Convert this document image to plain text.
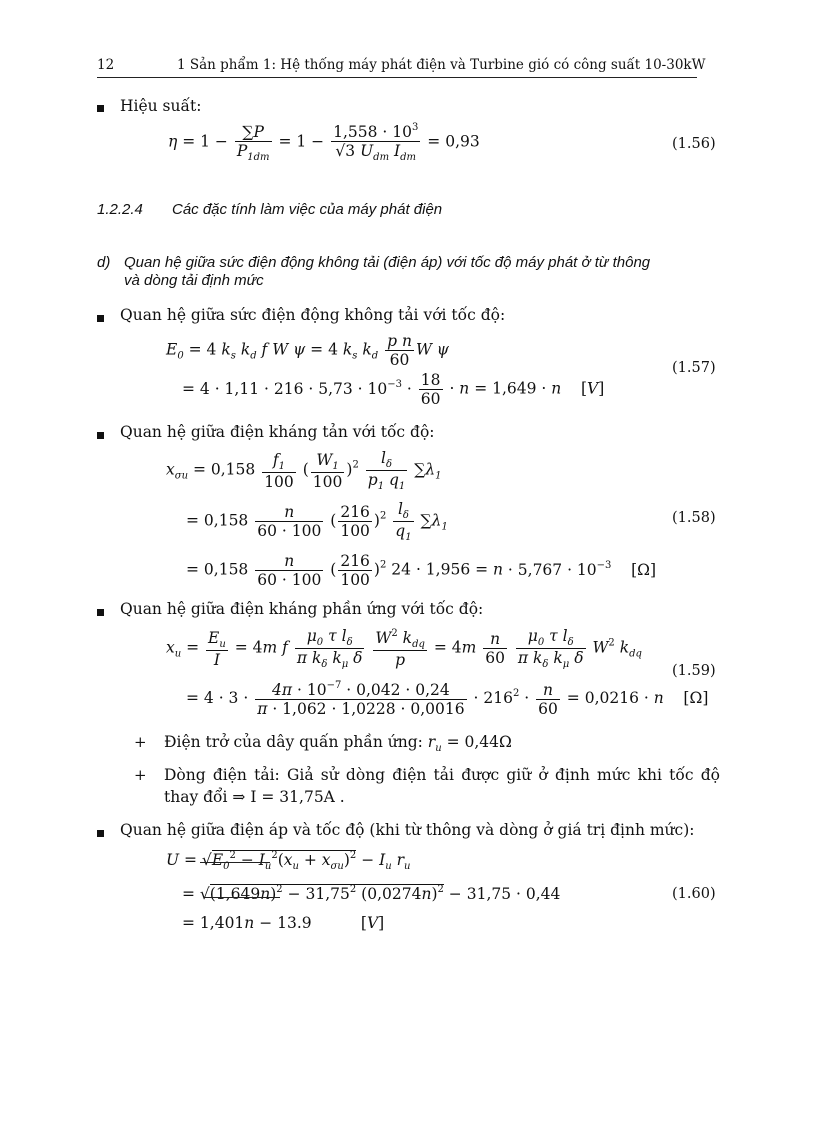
12	1 Sản phẩm 1: Hệ thống máy phát điện và Turbine gió có công suất 10-30kW
Hiệu suất:
$\eta = 1 - \frac{\sum P}{P_{1dm}} = 1 - \frac{1,558 \cdot 10^3}{√3 U_{dm} I_{dm}} = 0,93$	(1.56)
1.2.2.4 Các đặc tính làm việc của máy phát điện
d) Quan hệ giữa sức điện động không tải (điện áp) với tốc độ máy phát ở từ thông
và dòng tải định mức
Quan hệ giữa sức điện động không tải với tốc độ:
$E_0 = 4$ $k_s$ $k_d$ f W ψ = 4 $k_s$ $k_d \frac{\text{p n}}{60}$ W ψ
= $4 \cdot 1,11 \cdot 216 \cdot 5,73 \cdot 10^{-3} \cdot \frac{18}{60} \cdot n = 1,649 \cdot n$    [V]
(1.57)
Quan hệ giữa điện kháng tản với tốc độ:
$x_{\sigma u} = 0,158 \frac{f_1}{100}$ ( $\frac{W_1}{100} )^2 \frac{l_\delta}{p_1 q_1} \sum\lambda_1$
= $0,158 \frac{n}{60 \cdot 100}$ ( $\frac{216}{100} )^2 \frac{l_\delta}{q_1} \sum\lambda_1$
(1.58)
= $0,158 \frac{n}{60 \cdot 100}$ ( $\frac{216}{100} )^2$ $24 \cdot 1,956 = n \cdot 5,767 \cdot 10^{-3}$    [Ω]
Quan hệ giữa điện kháng phần ứng với tốc độ:
$x_u = \frac{E_u}{I} = 4m$ f $\frac{\mu_0 \tau l_\delta}{\pi k_\delta k_\mu \delta}$
$\frac{W^2 k_{dq}}{p} = 4m \frac{n}{60}$
$\frac{\mu_0 \tau l_\delta}{\pi k_\delta k_\mu \delta} W^2$ $k_{dq}$
(1.59)
= $4 \cdot 3 \cdot \frac{4\pi \cdot 10^{-7} \cdot 0,042 \cdot 0,24}{\pi \cdot 1,062 \cdot 1,0228 \cdot 0,0016} \cdot 216^2 \cdot \frac{n}{60} = 0,0216 \cdot n$    [Ω]
+ Điện trở của dây quấn phần ứng: $r_u = 0,44\Omega$
+ Dòng điện tải: Giả sử dòng điện tải được giữ ở định mức khi tốc độ
thay đổi ⇒ I = 31,75A .
Quan hệ giữa điện áp và tốc độ (khi từ thông và dòng ở giá trị định mức):
$U = √E_0^2 - I_u^2(x_u + x_{\sigma u})^2 - I_u$ $r_u$
= $√(1,649n)^2 - 31,75^2$ $(0,0274n)^2 - 31,75 \cdot 0,44$	(1.60)
= 1,401n − 13.9          [V]
